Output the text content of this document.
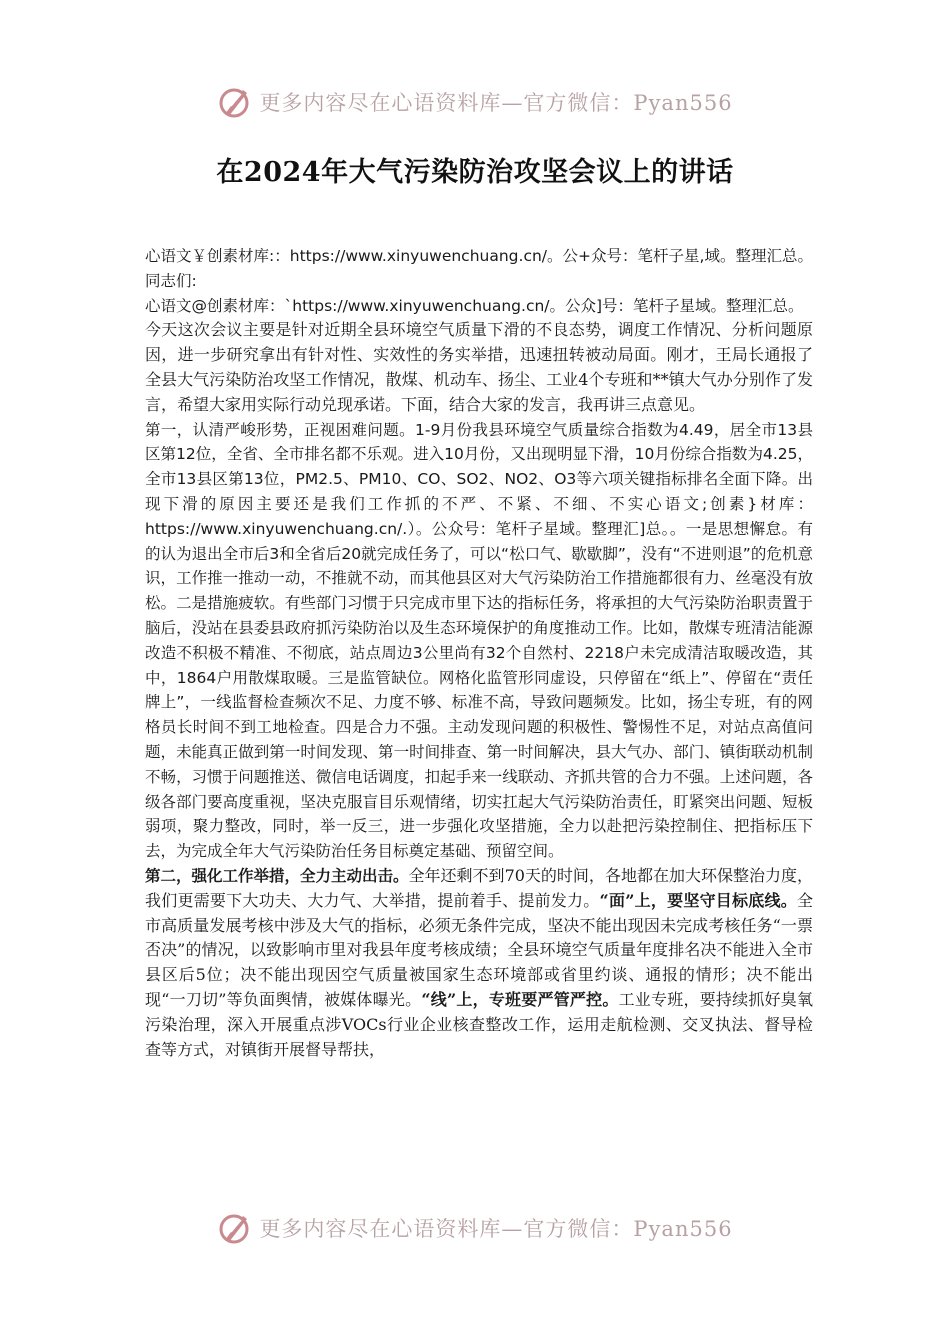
更多内容尽在心语资料库—官方微信：Pyan556
在2024年大气污染防治攻坚会议上的讲话

心语文￥创素材库:：https://www.xinyuwenchuang.cn/。公+众号：笔杆子星,域。整理汇总。同志们:

心语文@创素材库：`https://www.xinyuwenchuang.cn/。公众]号：笔杆子星域。整理汇总。

今天这次会议主要是针对近期全县环境空气质量下滑的不良态势，调度工作情况、分析问题原因，进一步研究拿出有针对性、实效性的务实举措，迅速扭转被动局面。刚才，王局长通报了全县大气污染防治攻坚工作情况，散煤、机动车、扬尘、工业4个专班和**镇大气办分别作了发言，希望大家用实际行动兑现承诺。下面，结合大家的发言，我再讲三点意见。

第一，认清严峻形势，正视困难问题。1-9月份我县环境空气质量综合指数为4.49，居全市13县区第12位，全省、全市排名都不乐观。进入10月份，又出现明显下滑，10月份综合指数为4.25，全市13县区第13位，PM2.5、PM10、CO、SO2、NO2、O3等六项关键指标排名全面下降。出现下滑的原因主要还是我们工作抓的不严、不紧、不细、不实心语文;创素}材库：https://www.xinyuwenchuang.cn/.）。公众号：笔杆子星域。整理汇]总。。一是思想懈怠。有的认为退出全市后3和全省后20就完成任务了，可以“松口气、歇歇脚”，没有“不进则退”的危机意识，工作推一推动一动，不推就不动，而其他县区对大气污染防治工作措施都很有力、丝毫没有放松。二是措施疲软。有些部门习惯于只完成市里下达的指标任务，将承担的大气污染防治职责置于脑后，没站在县委县政府抓污染防治以及生态环境保护的角度推动工作。比如，散煤专班清洁能源改造不积极不精准、不彻底，站点周边3公里尚有32个自然村、2218户未完成清洁取暖改造，其中，1864户用散煤取暖。三是监管缺位。网格化监管形同虚设，只停留在“纸上”、停留在“责任牌上”，一线监督检查频次不足、力度不够、标准不高，导致问题频发。比如，扬尘专班，有的网格员长时间不到工地检查。四是合力不强。主动发现问题的积极性、警惕性不足，对站点高值问题，未能真正做到第一时间发现、第一时间排查、第一时间解决，县大气办、部门、镇街联动机制不畅，习惯于问题推送、微信电话调度，扣起手来一线联动、齐抓共管的合力不强。上述问题，各级各部门要高度重视，坚决克服盲目乐观情绪，切实扛起大气污染防治责任，盯紧突出问题、短板弱项，聚力整改，同时，举一反三，进一步强化攻坚措施，全力以赴把污染控制住、把指标压下去，为完成全年大气污染防治任务目标奠定基础、预留空间。

第二，强化工作举措，全力主动出击。全年还剩不到70天的时间，各地都在加大环保整治力度，我们更需要下大功夫、大力气、大举措，提前着手、提前发力。“面”上，要坚守目标底线。全市高质量发展考核中涉及大气的指标，必须无条件完成，坚决不能出现因未完成考核任务“一票否决”的情况，以致影响市里对我县年度考核成绩；全县环境空气质量年度排名决不能进入全市县区后5位；决不能出现因空气质量被国家生态环境部或省里约谈、通报的情形；决不能出现“一刀切”等负面舆情，被媒体曝光。“线”上，专班要严管严控。工业专班，要持续抓好臭氧污染治理，深入开展重点涉VOCs行业企业核查整改工作，运用走航检测、交叉执法、督导检查等方式，对镇街开展督导帮扶，

更多内容尽在心语资料库—官方微信：Pyan556
